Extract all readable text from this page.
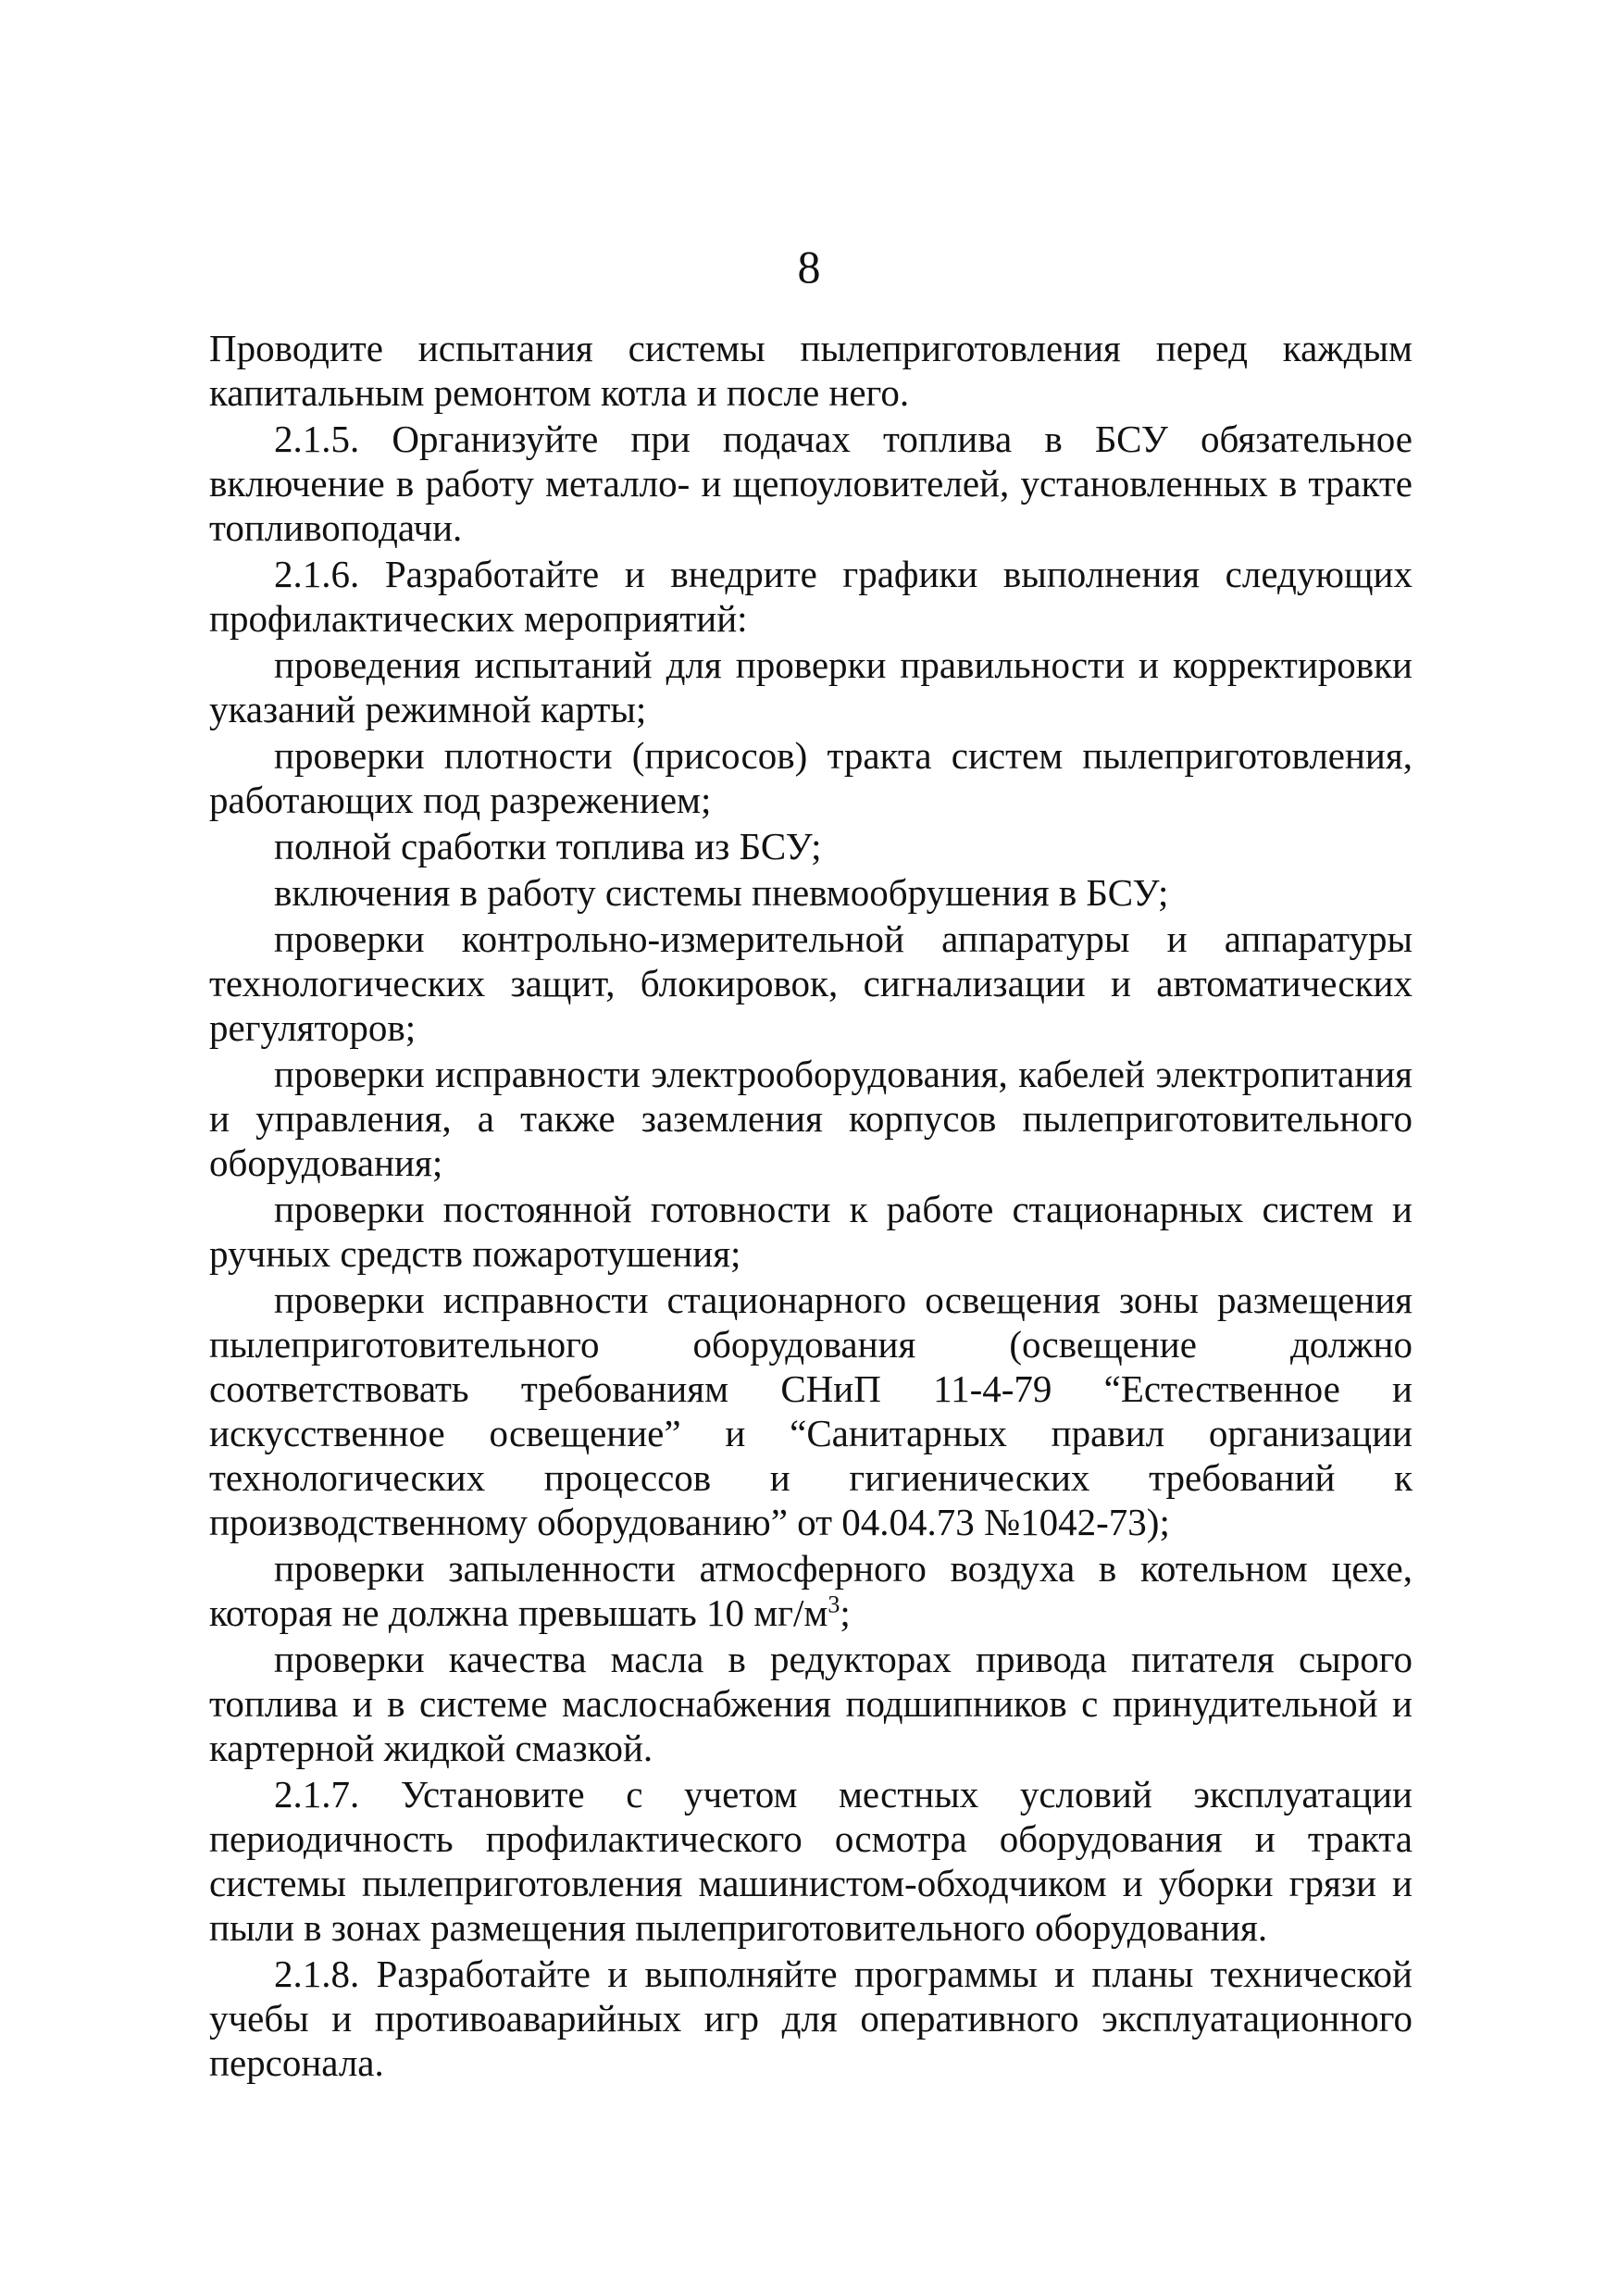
8

Проводите испытания системы пылеприготовления перед каждым капитальным ремонтом котла и после него.

2.1.5. Организуйте при подачах топлива в БСУ обязательное включение в работу металло- и щепоуловителей, установленных в тракте топливоподачи.

2.1.6. Разработайте и внедрите графики выполнения следующих профилактических мероприятий:

проведения испытаний для проверки правильности и корректировки указаний режимной карты;

проверки плотности (присосов) тракта систем пылеприготовления, работающих под разрежением;

полной сработки топлива из БСУ;

включения в работу системы пневмообрушения в БСУ;

проверки контрольно-измерительной аппаратуры и аппаратуры технологических защит, блокировок, сигнализации и автоматических регуляторов;

проверки исправности электрооборудования, кабелей электропитания и управления, а также заземления корпусов пылеприготовительного оборудования;

проверки постоянной готовности к работе стационарных систем и ручных средств пожаротушения;

проверки исправности стационарного освещения зоны размещения пылеприготовительного оборудования (освещение должно соответствовать требованиям СНиП 11-4-79 “Естественное и искусственное освещение” и “Санитарных правил организации технологических процессов и гигиенических требований к производственному оборудованию” от 04.04.73 №1042-73);

проверки запыленности атмосферного воздуха в котельном цехе, которая не должна превышать 10 $мг/м^3$;

проверки качества масла в редукторах привода питателя сырого топлива и в системе маслоснабжения подшипников с принудительной и картерной жидкой смазкой.

2.1.7. Установите с учетом местных условий эксплуатации периодичность профилактического осмотра оборудования и тракта системы пылеприготовления машинистом-обходчиком и уборки грязи и пыли в зонах размещения пылеприготовительного оборудования.

2.1.8. Разработайте и выполняйте программы и планы технической учебы и противоаварийных игр для оперативного эксплуатационного персонала.
